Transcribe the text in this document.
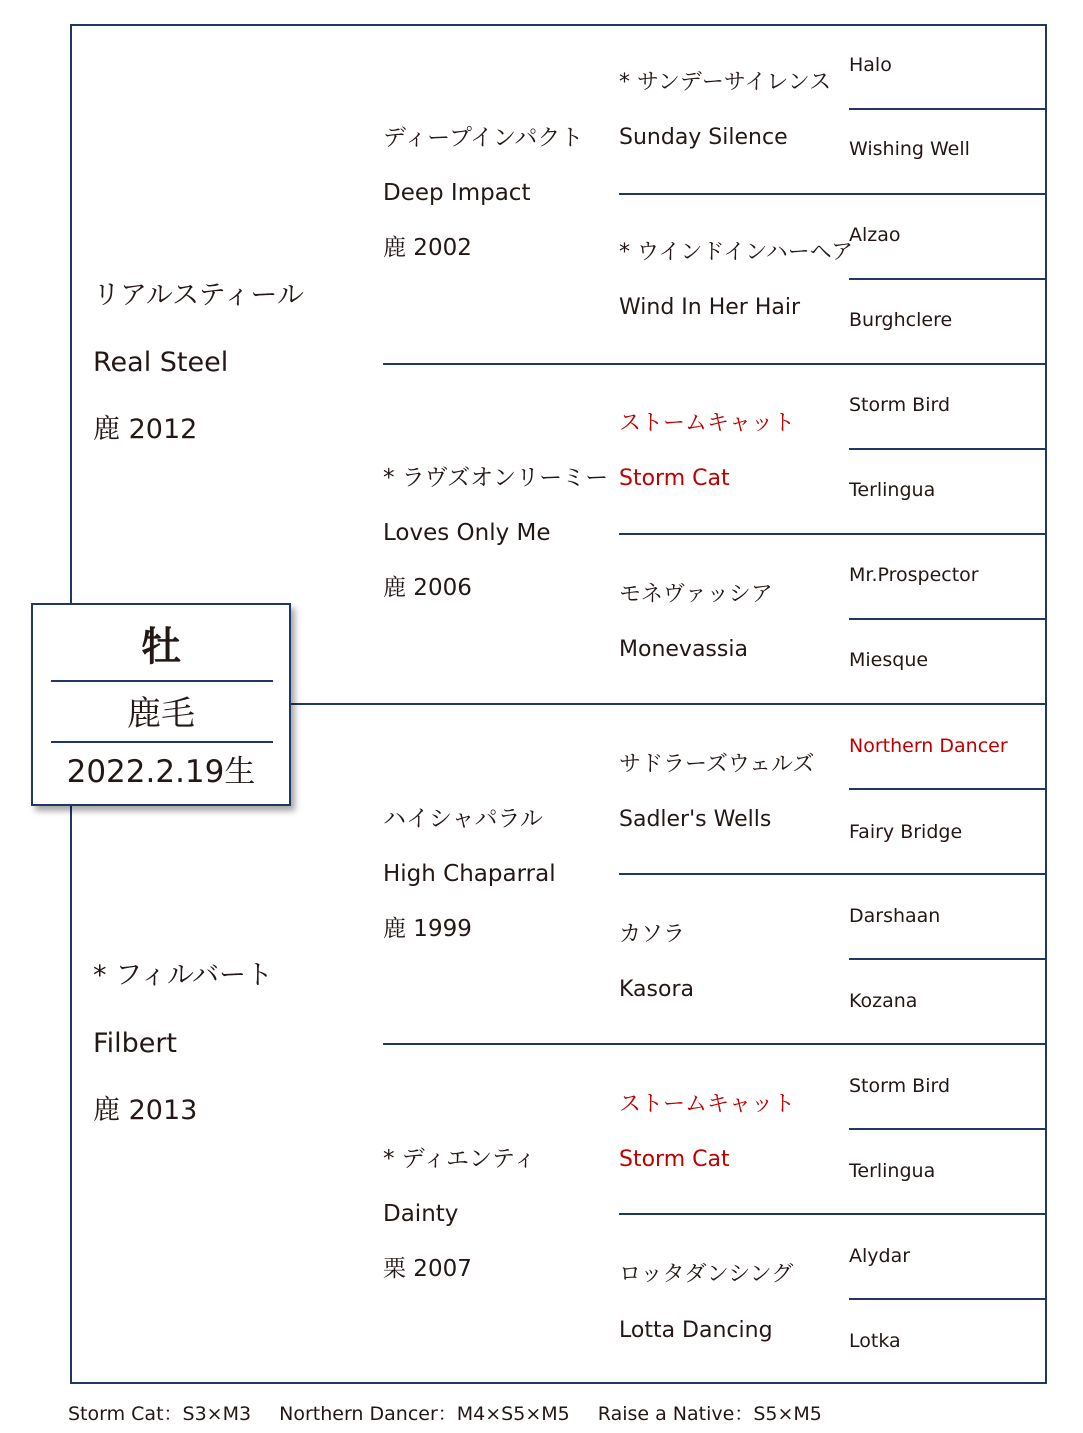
リアルスティール
Real Steel
鹿 2012
* フィルバート
Filbert
鹿 2013
ディープインパクト
Deep Impact
鹿 2002
* ラヴズオンリーミー
Loves Only Me
鹿 2006
ハイシャパラル
High Chaparral
鹿 1999
* ディエンティ
Dainty
栗 2007
* サンデーサイレンス
Sunday Silence
* ウインドインハーヘア
Wind In Her Hair
ストームキャット
Storm Cat
モネヴァッシア
Monevassia
サドラーズウェルズ
Sadler's Wells
カソラ
Kasora
ストームキャット
Storm Cat
ロッタダンシング
Lotta Dancing
Halo
Wishing Well
Alzao
Burghclere
Storm Bird
Terlingua
Mr.Prospector
Miesque
Northern Dancer
Fairy Bridge
Darshaan
Kozana
Storm Bird
Terlingua
Alydar
Lotka
牡
鹿毛
2022.2.19生
Storm Cat：S3×M3 Northern Dancer：M4×S5×M5 Raise a Native：S5×M5
